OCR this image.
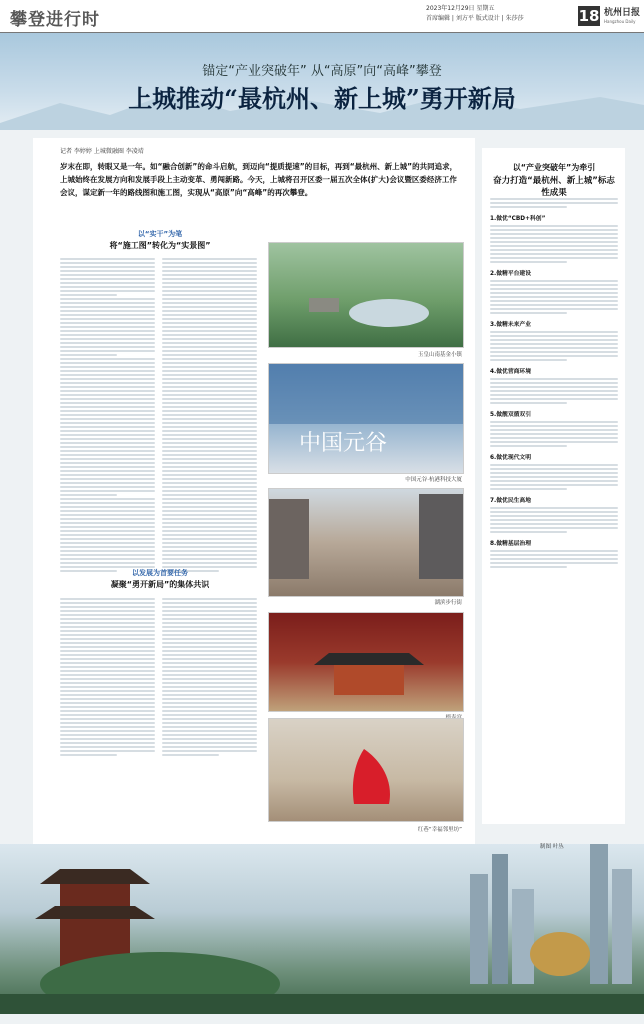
攀登进行时
2023年12月29日 星期五
首席编辑 | 刘方平 版式设计 | 朱莎莎	18 杭州日报
Hangzhou Daily
锚定“产业突破年” 从“高原”向“高峰”攀登
上城推动“最杭州、新上城”勇开新局
记者 李婷婷 上城微融圈 李凌靖
岁末在即，转眼又是一年。如“融合创新”的命斗启航，到迈向“提质提速”的目标，再到“最杭州、新上城”的共同追求，上城始终在发展方向和发展手段上主动变革、勇闯新路。今天，上城将召开区委一届五次全体(扩大)会议暨区委经济工作会议，谋定新一年的路线图和施工图，实现从“高原”向“高峰”的再次攀登。
以“实干”为笔
将“施工图”转化为“实景图”
以发展为首要任务
凝聚“勇开新局”的集体共识
玉皇山南基金小镇
中国元谷
中国元谷·杭港科技大厦
湖滨步行街
红巷“幸福邻里坊”
以“产业突破年”为牵引
奋力打造“最杭州、新上城”标志性成果
1.做优“CBD+科创”
2.做精平台建设
3.做精未来产业
4.做优营商环境
5.做靓双循双引
6.做优现代文明
7.做优民生高地
8.做精基层治理
制图 叶丛
